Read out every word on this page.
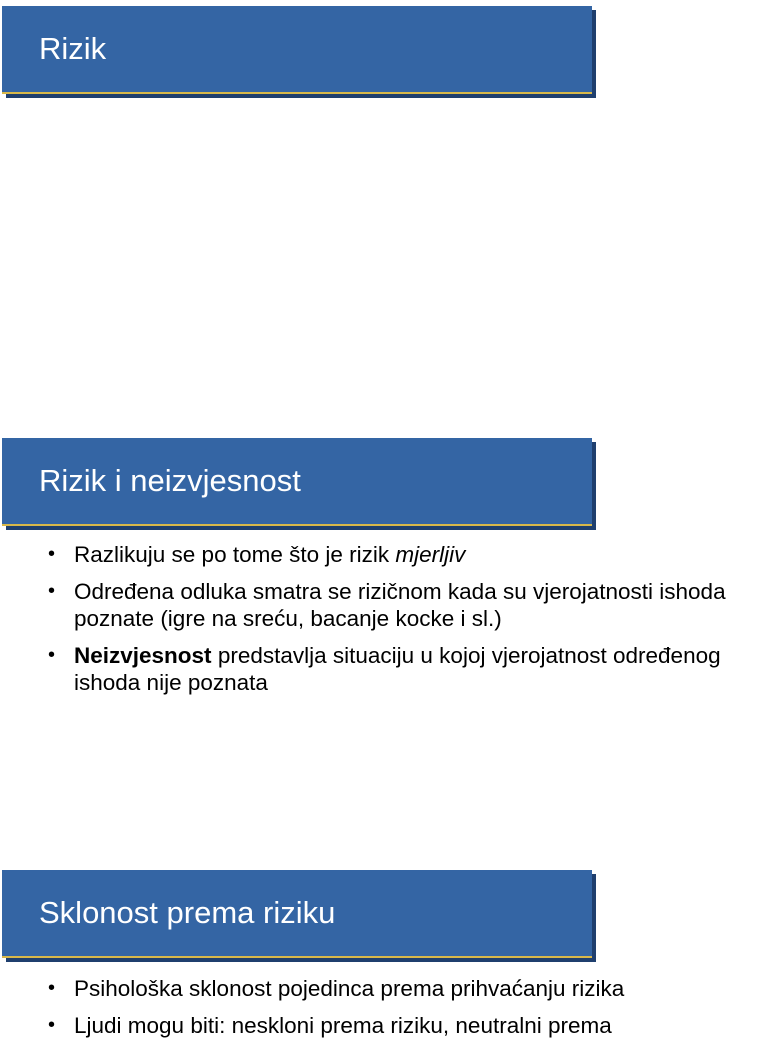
Rizik
Rizik i neizvjesnost
• Razlikuju se po tome što je rizik mjerljiv
• Određena odluka smatra se rizičnom kada su vjerojatnosti ishoda poznate (igre na sreću, bacanje kocke i sl.)
• Neizvjesnost predstavlja situaciju u kojoj vjerojatnost određenog ishoda nije poznata
Sklonost prema riziku
• Psihološka sklonost pojedinca prema prihvaćanju rizika
• Ljudi mogu biti: neskloni prema riziku, neutralni prema
